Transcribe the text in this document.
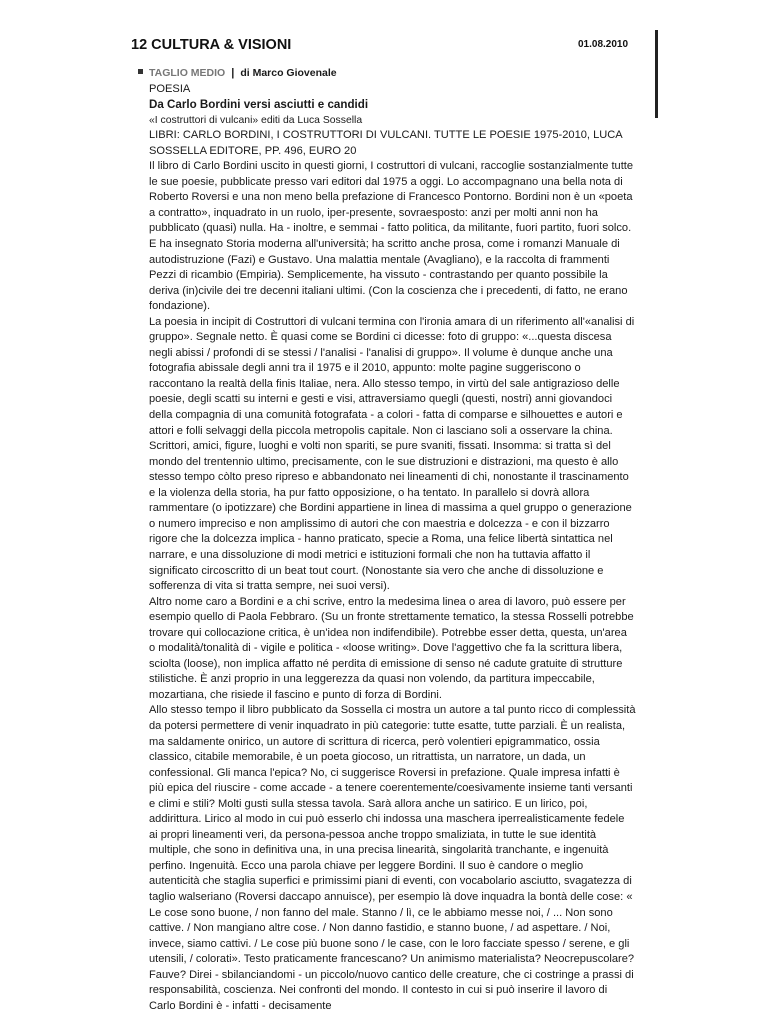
12 CULTURA & VISIONI	01.08.2010
TAGLIO MEDIO | di Marco Giovenale
POESIA
Da Carlo Bordini versi asciutti e candidi
«I costruttori di vulcani» editi da Luca Sossella
LIBRI: CARLO BORDINI, I COSTRUTTORI DI VULCANI. TUTTE LE POESIE 1975-2010, LUCA SOSSELLA EDITORE, PP. 496, EURO 20

Il libro di Carlo Bordini uscito in questi giorni, I costruttori di vulcani, raccoglie sostanzialmente tutte le sue poesie, pubblicate presso vari editori dal 1975 a oggi. Lo accompagnano una bella nota di Roberto Roversi e una non meno bella prefazione di Francesco Pontorno. Bordini non è un «poeta a contratto», inquadrato in un ruolo, iper-presente, sovraesposto: anzi per molti anni non ha pubblicato (quasi) nulla. Ha - inoltre, e semmai - fatto politica, da militante, fuori partito, fuori solco. E ha insegnato Storia moderna all'università; ha scritto anche prosa, come i romanzi Manuale di autodistruzione (Fazi) e Gustavo. Una malattia mentale (Avagliano), e la raccolta di frammenti Pezzi di ricambio (Empiria). Semplicemente, ha vissuto - contrastando per quanto possibile la deriva (in)civile dei tre decenni italiani ultimi. (Con la coscienza che i precedenti, di fatto, ne erano fondazione).

La poesia in incipit di Costruttori di vulcani termina con l'ironia amara di un riferimento all'«analisi di gruppo». Segnale netto. È quasi come se Bordini ci dicesse: foto di gruppo: «...questa discesa negli abissi / profondi di se stessi / l'analisi - l'analisi di gruppo». Il volume è dunque anche una fotografia abissale degli anni tra il 1975 e il 2010, appunto: molte pagine suggeriscono o raccontano la realtà della finis Italiae, nera. Allo stesso tempo, in virtù del sale antigrazioso delle poesie, degli scatti su interni e gesti e visi, attraversiamo quegli (questi, nostri) anni giovandoci della compagnia di una comunità fotografata - a colori - fatta di comparse e silhouettes e autori e attori e folli selvaggi della piccola metropolis capitale. Non ci lasciano soli a osservare la china.

Scrittori, amici, figure, luoghi e volti non spariti, se pure svaniti, fissati. Insomma: si tratta sì del mondo del trentennio ultimo, precisamente, con le sue distruzioni e distrazioni, ma questo è allo stesso tempo còlto preso ripreso e abbandonato nei lineamenti di chi, nonostante il trascinamento e la violenza della storia, ha pur fatto opposizione, o ha tentato. In parallelo si dovrà allora rammentare (o ipotizzare) che Bordini appartiene in linea di massima a quel gruppo o generazione o numero impreciso e non amplissimo di autori che con maestria e dolcezza - e con il bizzarro rigore che la dolcezza implica - hanno praticato, specie a Roma, una felice libertà sintattica nel narrare, e una dissoluzione di modi metrici e istituzioni formali che non ha tuttavia affatto il significato circoscritto di un beat tout court. (Nonostante sia vero che anche di dissoluzione e sofferenza di vita si tratta sempre, nei suoi versi).

Altro nome caro a Bordini e a chi scrive, entro la medesima linea o area di lavoro, può essere per esempio quello di Paola Febbraro. (Su un fronte strettamente tematico, la stessa Rosselli potrebbe trovare qui collocazione critica, è un'idea non indifendibile). Potrebbe esser detta, questa, un'area o modalità/tonalità di - vigile e politica - «loose writing». Dove l'aggettivo che fa la scrittura libera, sciolta (loose), non implica affatto né perdita di emissione di senso né cadute gratuite di strutture stilistiche. È anzi proprio in una leggerezza da quasi non volendo, da partitura impeccabile, mozartiana, che risiede il fascino e punto di forza di Bordini.

Allo stesso tempo il libro pubblicato da Sossella ci mostra un autore a tal punto ricco di complessità da potersi permettere di venir inquadrato in più categorie: tutte esatte, tutte parziali. È un realista, ma saldamente onirico, un autore di scrittura di ricerca, però volentieri epigrammatico, ossia classico, citabile memorabile, è un poeta giocoso, un ritrattista, un narratore, un dada, un confessional. Gli manca l'epica? No, ci suggerisce Roversi in prefazione. Quale impresa infatti è più epica del riuscire - come accade - a tenere coerentemente/coesivamente insieme tanti versanti e climi e stili? Molti gusti sulla stessa tavola. Sarà allora anche un satirico. E un lirico, poi, addirittura. Lirico al modo in cui può esserlo chi indossa una maschera iperrealisticamente fedele ai propri lineamenti veri, da persona-pessoa anche troppo smaliziata, in tutte le sue identità multiple, che sono in definitiva una, in una precisa linearità, singolarità tranchante, e ingenuità perfino. Ingenuità. Ecco una parola chiave per leggere Bordini. Il suo è candore o meglio autenticità che staglia superfici e primissimi piani di eventi, con vocabolario asciutto, svagatezza di taglio walseriano (Roversi daccapo annuisce), per esempio là dove inquadra la bontà delle cose: « Le cose sono buone, / non fanno del male. Stanno / lì, ce le abbiamo messe noi, / ... Non sono cattive. / Non mangiano altre cose. / Non danno fastidio, e stanno buone, / ad aspettare. / Noi, invece, siamo cattivi. / Le cose più buone sono / le case, con le loro facciate spesso / serene, e gli utensili, / colorati». Testo praticamente francescano? Un animismo materialista? Neocrepuscolare? Fauve? Direi - sbilanciandomi - un piccolo/nuovo cantico delle creature, che ci costringe a prassi di responsabilità, coscienza. Nei confronti del mondo. Il contesto in cui si può inserire il lavoro di Carlo Bordini è - infatti - decisamente
